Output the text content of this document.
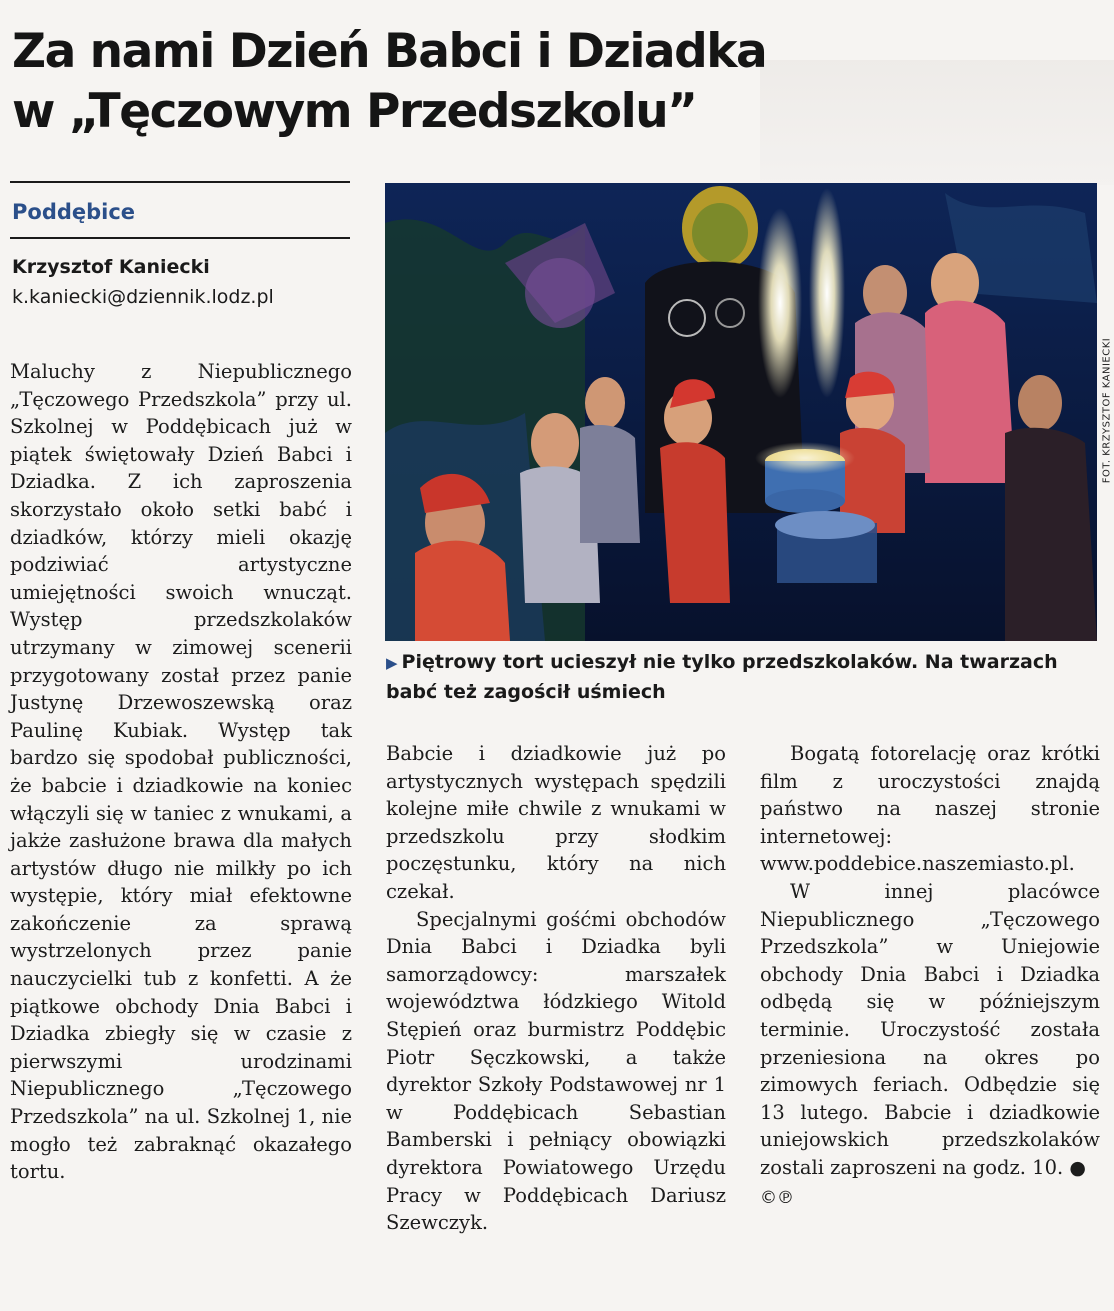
Za nami Dzień Babci i Dziadka
w „Tęczowym Przedszkolu”
Poddębice
Krzysztof Kaniecki
k.kaniecki@dziennik.lodz.pl

Maluchy z Niepublicznego „Tęczowego Przedszkola” przy ul. Szkolnej w Poddębicach już w piątek świętowały Dzień Babci i Dziadka. Z ich zaproszenia skorzystało około setki babć i dziadków, którzy mieli okazję podziwiać artystyczne umiejętności swoich wnucząt. Występ przedszkolaków utrzymany w zimowej scenerii przygotowany został przez panie Justynę Drzewoszewską oraz Paulinę Kubiak. Występ tak bardzo się spodobał publiczności, że babcie i dziadkowie na koniec włączyli się w taniec z wnukami, a jakże zasłużone brawa dla małych artystów długo nie milkły po ich występie, który miał efektowne zakończenie za sprawą wystrzelonych przez panie nauczycielki tub z konfetti. A że piątkowe obchody Dnia Babci i Dziadka zbiegły się w czasie z pierwszymi urodzinami Niepublicznego „Tęczowego Przedszkola” na ul. Szkolnej 1, nie mogło też zabraknąć okazałego tortu.

FOT. KRZYSZTOF KANIECKI
▶ Piętrowy tort ucieszył nie tylko przedszkolaków. Na twarzach babć też zagościł uśmiech

Babcie i dziadkowie już po artystycznych występach spędzili kolejne miłe chwile z wnukami w przedszkolu przy słodkim poczęstunku, który na nich czekał.

Specjalnymi gośćmi obchodów Dnia Babci i Dziadka byli samorządowcy: marszałek województwa łódzkiego Witold Stępień oraz burmistrz Poddębic Piotr Sęczkowski, a także dyrektor Szkoły Podstawowej nr 1 w Poddębicach Sebastian Bamberski i pełniący obowiązki dyrektora Powiatowego Urzędu Pracy w Poddębicach Dariusz Szewczyk.

Bogatą fotorelację oraz krótki film z uroczystości znajdą państwo na naszej stronie internetowej: www.poddebice.naszemiasto.pl.

W innej placówce Niepublicznego „Tęczowego Przedszkola” w Uniejowie obchody Dnia Babci i Dziadka odbędą się w późniejszym terminie. Uroczystość została przeniesiona na okres po zimowych feriach. Odbędzie się 13 lutego. Babcie i dziadkowie uniejowskich przedszkolaków zostali zaproszeni na godz. 10. ●

©℗
